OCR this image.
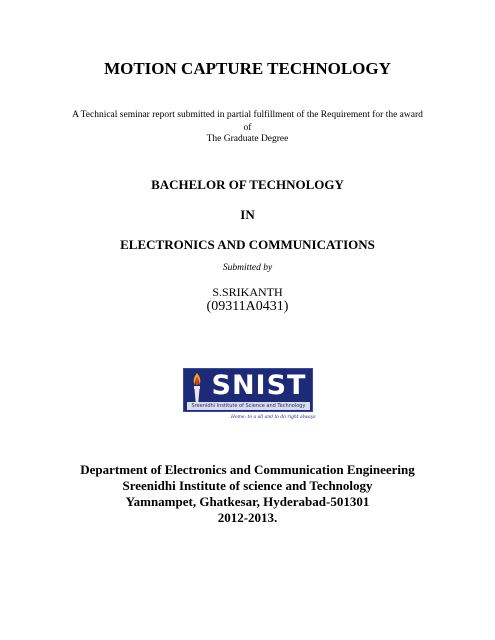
MOTION CAPTURE TECHNOLOGY
A Technical seminar report submitted in partial fulfillment of the Requirement for the award
of
The Graduate Degree
BACHELOR OF TECHNOLOGY
IN
ELECTRONICS AND COMMUNICATIONS
Submitted by
S.SRIKANTH
(09311A0431)
SNIST
Sreenidhi Institute of Science and Technology
Home: to a all and to do right always
Department of Electronics and Communication Engineering
Sreenidhi Institute of science and Technology
Yamnampet, Ghatkesar, Hyderabad-501301
2012-2013.
